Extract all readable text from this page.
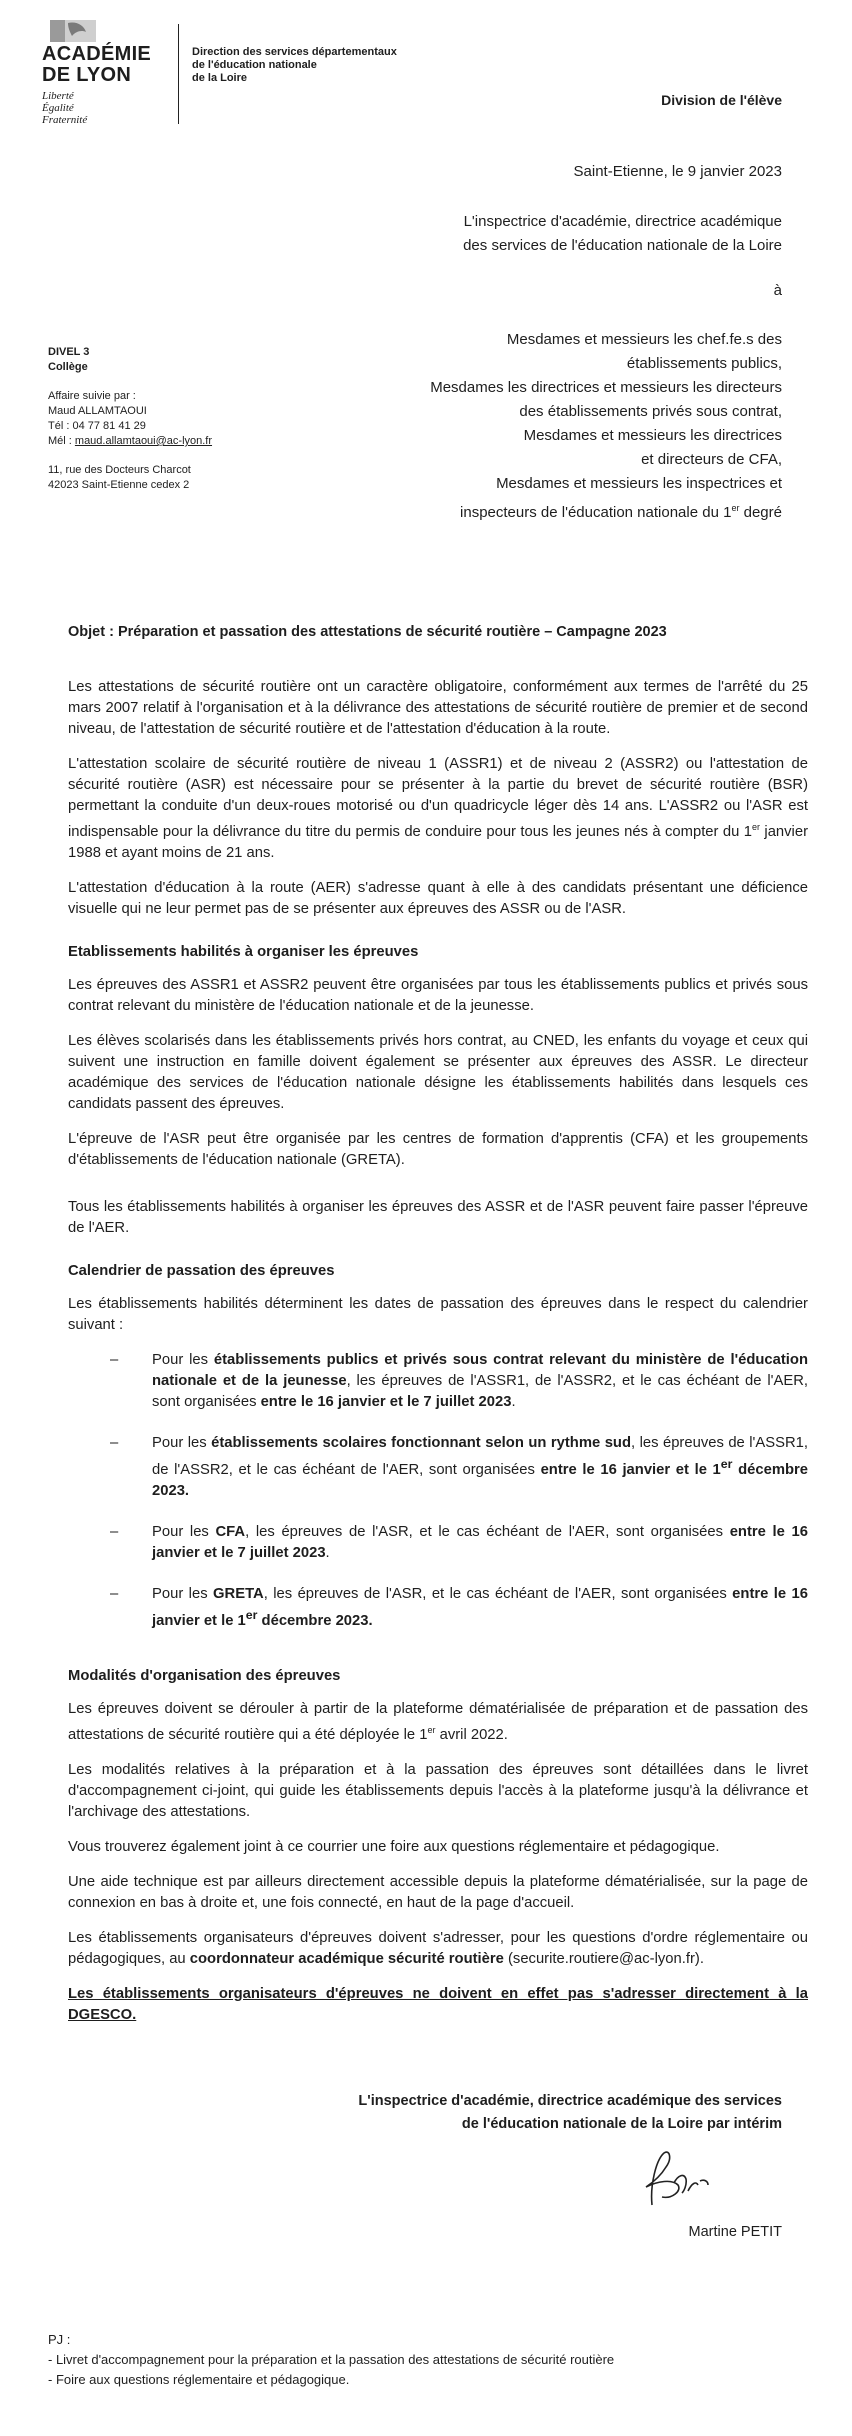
ACADÉMIE
DE LYON
Liberté
Égalité
Fraternité
Direction des services départementaux
de l'éducation nationale
de la Loire
Division de l'élève
Saint-Etienne, le 9 janvier 2023
L'inspectrice d'académie, directrice académique
des services de l'éducation nationale de la Loire
à
Mesdames et messieurs les chef.fe.s des
établissements publics,
Mesdames les directrices et messieurs les directeurs
des établissements privés sous contrat,
Mesdames et messieurs les directrices
et directeurs de CFA,
Mesdames et messieurs les inspectrices et
inspecteurs de l'éducation nationale du 1er degré
DIVEL 3
Collège
Affaire suivie par :
Maud ALLAMTAOUI
Tél : 04 77 81 41 29
Mél : maud.allamtaoui@ac-lyon.fr
11, rue des Docteurs Charcot
42023 Saint-Etienne cedex 2
Objet : Préparation et passation des attestations de sécurité routière – Campagne 2023

Les attestations de sécurité routière ont un caractère obligatoire, conformément aux termes de l'arrêté du 25 mars 2007 relatif à l'organisation et à la délivrance des attestations de sécurité routière de premier et de second niveau, de l'attestation de sécurité routière et de l'attestation d'éducation à la route.

L'attestation scolaire de sécurité routière de niveau 1 (ASSR1) et de niveau 2 (ASSR2) ou l'attestation de sécurité routière (ASR) est nécessaire pour se présenter à la partie du brevet de sécurité routière (BSR) permettant la conduite d'un deux-roues motorisé ou d'un quadricycle léger dès 14 ans. L'ASSR2 ou l'ASR est indispensable pour la délivrance du titre du permis de conduire pour tous les jeunes nés à compter du 1er janvier 1988 et ayant moins de 21 ans.

L'attestation d'éducation à la route (AER) s'adresse quant à elle à des candidats présentant une déficience visuelle qui ne leur permet pas de se présenter aux épreuves des ASSR ou de l'ASR.

Etablissements habilités à organiser les épreuves

Les épreuves des ASSR1 et ASSR2 peuvent être organisées par tous les établissements publics et privés sous contrat relevant du ministère de l'éducation nationale et de la jeunesse.

Les élèves scolarisés dans les établissements privés hors contrat, au CNED, les enfants du voyage et ceux qui suivent une instruction en famille doivent également se présenter aux épreuves des ASSR. Le directeur académique des services de l'éducation nationale désigne les établissements habilités dans lesquels ces candidats passent des épreuves.

L'épreuve de l'ASR peut être organisée par les centres de formation d'apprentis (CFA) et les groupements d'établissements de l'éducation nationale (GRETA).

Tous les établissements habilités à organiser les épreuves des ASSR et de l'ASR peuvent faire passer l'épreuve de l'AER.

Calendrier de passation des épreuves

Les établissements habilités déterminent les dates de passation des épreuves dans le respect du calendrier suivant :

– Pour les établissements publics et privés sous contrat relevant du ministère de l'éducation nationale et de la jeunesse, les épreuves de l'ASSR1, de l'ASSR2, et le cas échéant de l'AER, sont organisées entre le 16 janvier et le 7 juillet 2023.
– Pour les établissements scolaires fonctionnant selon un rythme sud, les épreuves de l'ASSR1, de l'ASSR2, et le cas échéant de l'AER, sont organisées entre le 16 janvier et le 1er décembre 2023.
– Pour les CFA, les épreuves de l'ASR, et le cas échéant de l'AER, sont organisées entre le 16 janvier et le 7 juillet 2023.
– Pour les GRETA, les épreuves de l'ASR, et le cas échéant de l'AER, sont organisées entre le 16 janvier et le 1er décembre 2023.
Modalités d'organisation des épreuves

Les épreuves doivent se dérouler à partir de la plateforme dématérialisée de préparation et de passation des attestations de sécurité routière qui a été déployée le 1er avril 2022.

Les modalités relatives à la préparation et à la passation des épreuves sont détaillées dans le livret d'accompagnement ci-joint, qui guide les établissements depuis l'accès à la plateforme jusqu'à la délivrance et l'archivage des attestations.

Vous trouverez également joint à ce courrier une foire aux questions réglementaire et pédagogique.

Une aide technique est par ailleurs directement accessible depuis la plateforme dématérialisée, sur la page de connexion en bas à droite et, une fois connecté, en haut de la page d'accueil.

Les établissements organisateurs d'épreuves doivent s'adresser, pour les questions d'ordre réglementaire ou pédagogiques, au coordonnateur académique sécurité routière (securite.routiere@ac-lyon.fr).

Les établissements organisateurs d'épreuves ne doivent en effet pas s'adresser directement à la DGESCO.

L'inspectrice d'académie, directrice académique des services
de l'éducation nationale de la Loire par intérim
Martine PETIT
PJ :
- Livret d'accompagnement pour la préparation et la passation des attestations de sécurité routière
- Foire aux questions réglementaire et pédagogique.
